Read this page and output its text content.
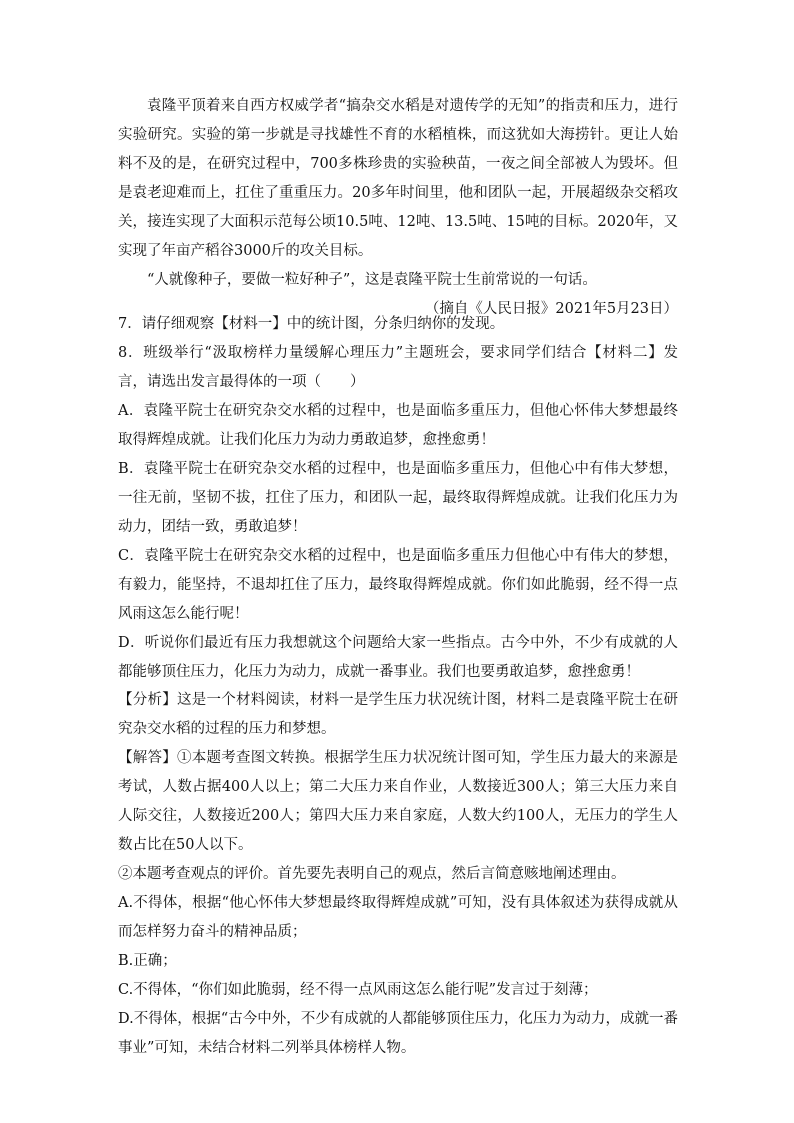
袁隆平顶着来自西方权威学者“搞杂交水稻是对遗传学的无知”的指责和压力，进行实验研究。实验的第一步就是寻找雄性不育的水稻植株，而这犹如大海捞针。更让人始料不及的是，在研究过程中，700多株珍贵的实验秧苗，一夜之间全部被人为毁坏。但是袁老迎难而上，扛住了重重压力。20多年时间里，他和团队一起，开展超级杂交稻攻关，接连实现了大面积示范每公顷10.5吨、12吨、13.5吨、15吨的目标。2020年，又实现了年亩产稻谷3000斤的攻关目标。

“人就像种子，要做一粒好种子”，这是袁隆平院士生前常说的一句话。

（摘自《人民日报》2021年5月23日）

7．请仔细观察【材料一】中的统计图，分条归纳你的发现。

8．班级举行“汲取榜样力量缓解心理压力”主题班会，要求同学们结合【材料二】发言，请选出发言最得体的一项（　　）

A．袁隆平院士在研究杂交水稻的过程中，也是面临多重压力，但他心怀伟大梦想最终取得辉煌成就。让我们化压力为动力勇敢追梦，愈挫愈勇！

B．袁隆平院士在研究杂交水稻的过程中，也是面临多重压力，但他心中有伟大梦想，一往无前，坚韧不拔，扛住了压力，和团队一起，最终取得辉煌成就。让我们化压力为动力，团结一致，勇敢追梦！

C．袁隆平院士在研究杂交水稻的过程中，也是面临多重压力但他心中有伟大的梦想，有毅力，能坚持，不退却扛住了压力，最终取得辉煌成就。你们如此脆弱，经不得一点风雨这怎么能行呢！

D．听说你们最近有压力我想就这个问题给大家一些指点。古今中外，不少有成就的人都能够顶住压力，化压力为动力，成就一番事业。我们也要勇敢追梦，愈挫愈勇！

【分析】这是一个材料阅读，材料一是学生压力状况统计图，材料二是袁隆平院士在研究杂交水稻的过程的压力和梦想。

【解答】①本题考查图文转换。根据学生压力状况统计图可知，学生压力最大的来源是考试，人数占据400人以上；第二大压力来自作业，人数接近300人；第三大压力来自人际交往，人数接近200人；第四大压力来自家庭，人数大约100人，无压力的学生人数占比在50人以下。

②本题考查观点的评价。首先要先表明自己的观点，然后言简意赅地阐述理由。

A.不得体，根据“他心怀伟大梦想最终取得辉煌成就”可知，没有具体叙述为获得成就从而怎样努力奋斗的精神品质；

B.正确；

C.不得体，“你们如此脆弱，经不得一点风雨这怎么能行呢”发言过于刻薄；

D.不得体，根据“古今中外，不少有成就的人都能够顶住压力，化压力为动力，成就一番事业”可知，未结合材料二列举具体榜样人物。
